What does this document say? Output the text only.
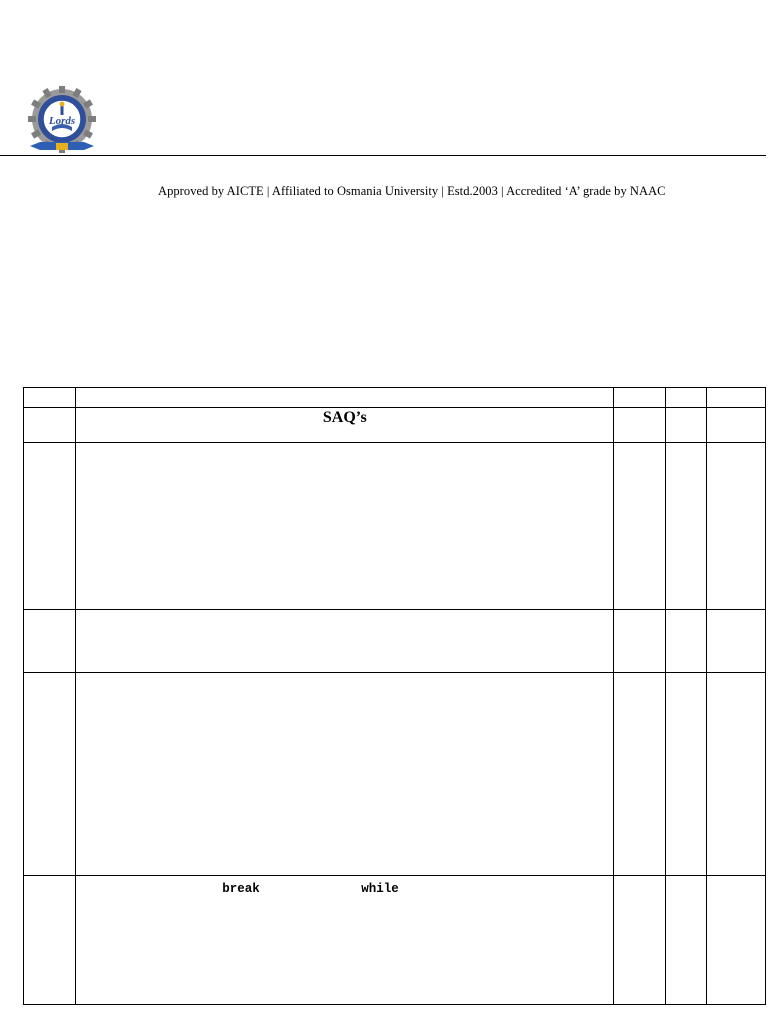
Lords
Approved by AICTE | Affiliated to Osmania University | Estd.2003 | Accredited ‘A’ grade by NAAC

	SAQ’s			

	break while			
